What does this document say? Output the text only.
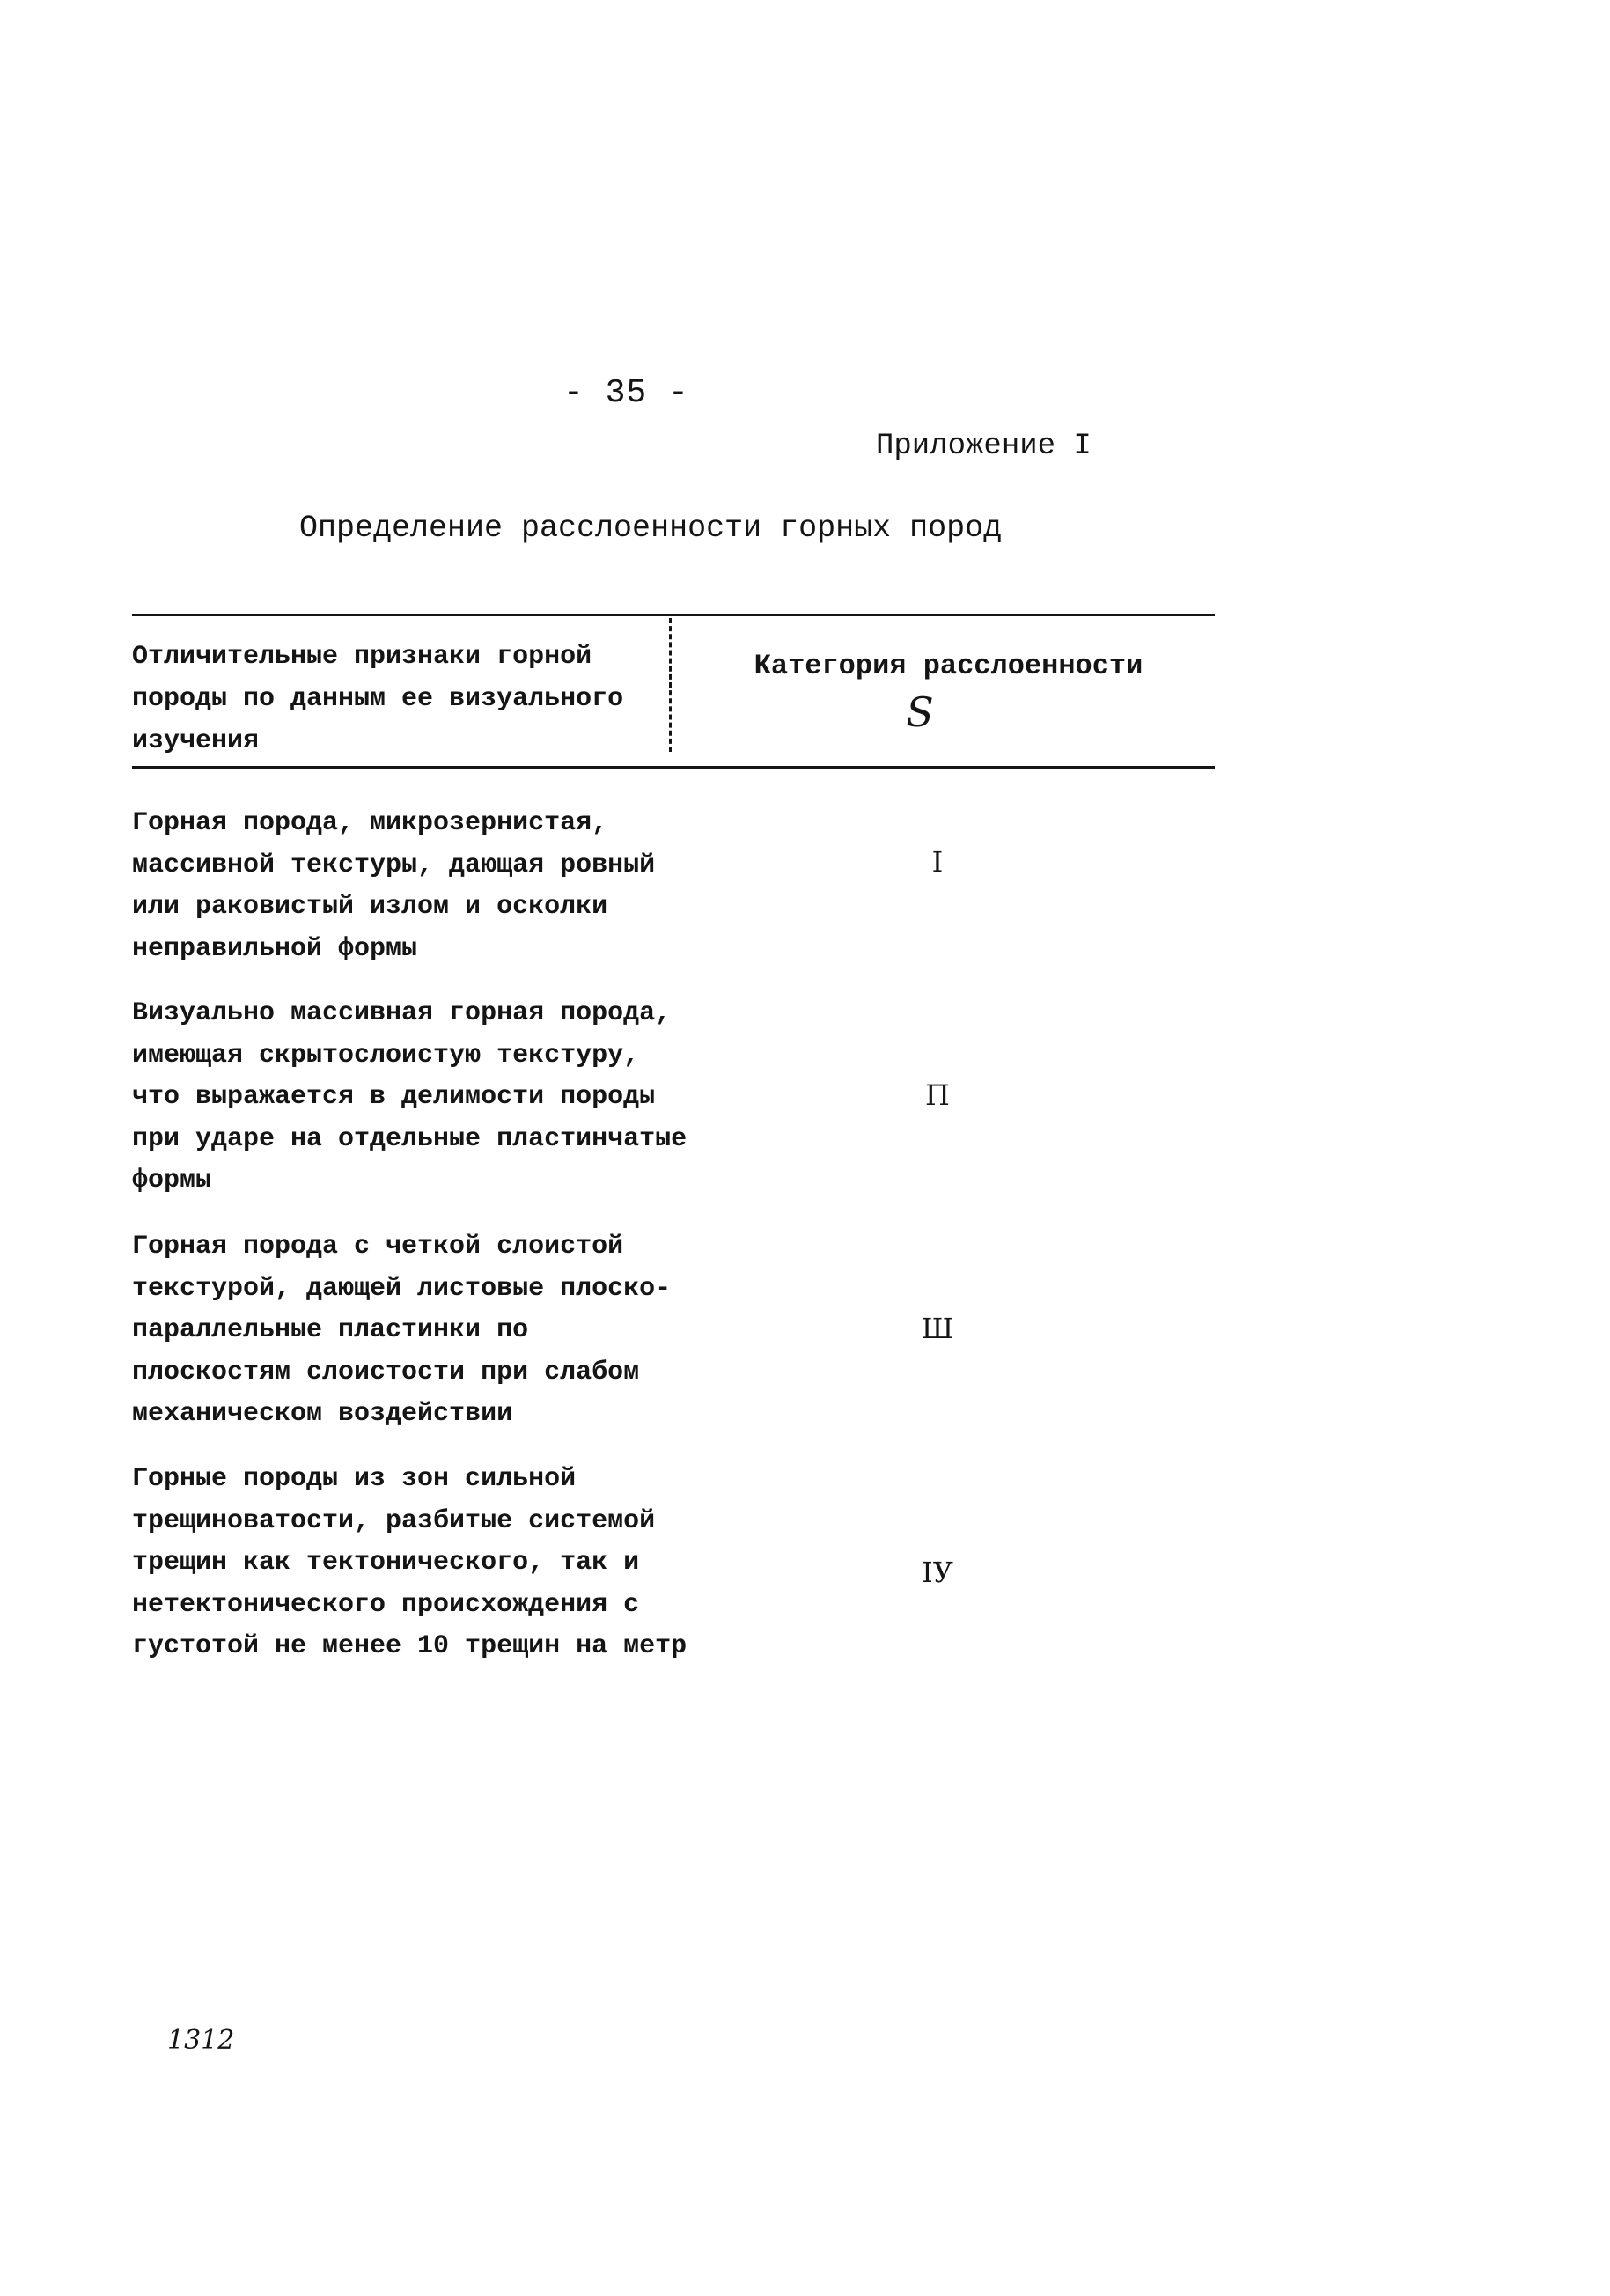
- 35 -
Приложение I
Определение расслоенности горных пород
Отличительные признаки горной породы по данным ее визуального изучения
Категория расслоенности
S
Горная порода, микрозернистая, массивной текстуры, дающая ровный или раковистый излом и осколки неправильной формы
I
Визуально массивная горная порода, имеющая скрытослоистую текстуру, что выражается в делимости породы при ударе на отдельные пластинчатые формы
П
Горная порода с четкой слоистой текстурой, дающей листовые плоско-параллельные пластинки по плоскостям слоистости при слабом механическом воздействии
Ш
Горные породы из зон сильной трещиноватости, разбитые системой трещин как тектонического, так и нетектонического происхождения с густотой не менее 10 трещин на метр
IУ
1312
